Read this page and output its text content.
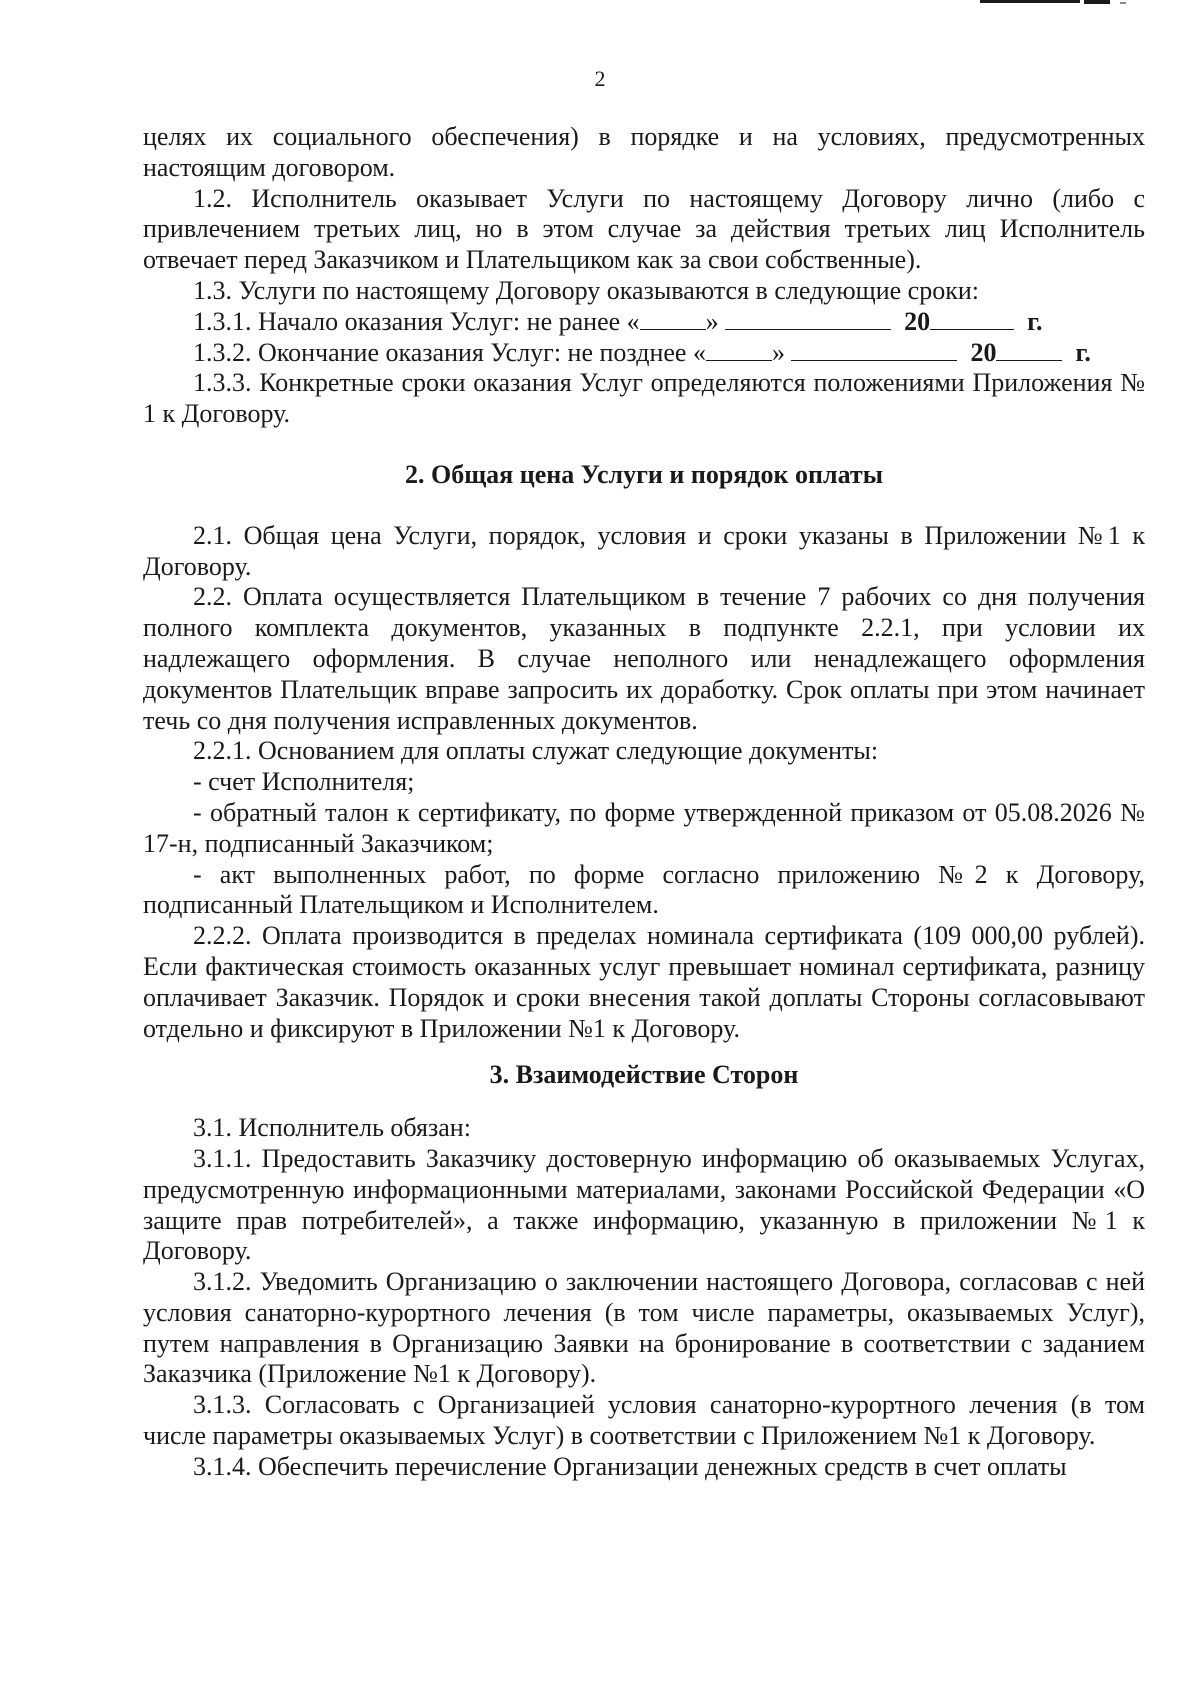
2

целях их социального обеспечения) в порядке и на условиях, предусмотренных настоящим договором.

1.2. Исполнитель оказывает Услуги по настоящему Договору лично (либо с привлечением третьих лиц, но в этом случае за действия третьих лиц Исполнитель отвечает перед Заказчиком и Плательщиком как за свои собственные).

1.3. Услуги по настоящему Договору оказываются в следующие сроки:

1.3.1. Начало оказания Услуг: не ранее «	»	20	г.

1.3.2. Окончание оказания Услуг: не позднее «	»	20	г.

1.3.3. Конкретные сроки оказания Услуг определяются положениями Приложения № 1 к Договору.

2. Общая цена Услуги и порядок оплаты

2.1. Общая цена Услуги, порядок, условия и сроки указаны в Приложении №1 к Договору.

2.2. Оплата осуществляется Плательщиком в течение 7 рабочих со дня получения полного комплекта документов, указанных в подпункте 2.2.1, при условии их надлежащего оформления. В случае неполного или ненадлежащего оформления документов Плательщик вправе запросить их доработку. Срок оплаты при этом начинает течь со дня получения исправленных документов.

2.2.1. Основанием для оплаты служат следующие документы:

- счет Исполнителя;

- обратный талон к сертификату, по форме утвержденной приказом от 05.08.2026 № 17-н, подписанный Заказчиком;

- акт выполненных работ, по форме согласно приложению №2 к Договору, подписанный Плательщиком и Исполнителем.

2.2.2. Оплата производится в пределах номинала сертификата (109 000,00 рублей). Если фактическая стоимость оказанных услуг превышает номинал сертификата, разницу оплачивает Заказчик. Порядок и сроки внесения такой доплаты Стороны согласовывают отдельно и фиксируют в Приложении №1 к Договору.

3. Взаимодействие Сторон

3.1. Исполнитель обязан:

3.1.1. Предоставить Заказчику достоверную информацию об оказываемых Услугах, предусмотренную информационными материалами, законами Российской Федерации «О защите прав потребителей», а также информацию, указанную в приложении №1 к Договору.

3.1.2. Уведомить Организацию о заключении настоящего Договора, согласовав с ней условия санаторно-курортного лечения (в том числе параметры, оказываемых Услуг), путем направления в Организацию Заявки на бронирование в соответствии с заданием Заказчика (Приложение №1 к Договору).

3.1.3. Согласовать с Организацией условия санаторно-курортного лечения (в том числе параметры оказываемых Услуг) в соответствии с Приложением №1 к Договору.

3.1.4. Обеспечить перечисление Организации денежных средств в счет оплаты
